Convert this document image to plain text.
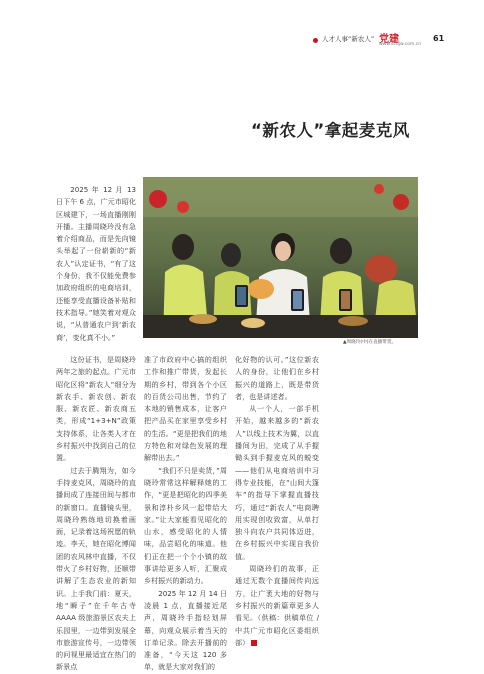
人才人事“新农人” 党建
www.scdjw.com.cn
61
“新农人”拿起麦克风
▲周晓玲(中)在直播带货。

2025 年 12 月 13 日下午 6 点，广元市昭化区城建下，一场直播刚刚开播。主播周晓玲没有急着介绍商品，而是先向镜头举起了一份崭新的“新农人”认定证书，“有了这个身份，我不仅能免费参加政府组织的电商培训，还能享受直播设备补贴和技术指导。”她笑着对观众说，“从普通农户到‘新农商’，变化真不小。”

这份证书，是周晓玲两年之旅的起点。广元市昭化区将“新农人”细分为新农手、新农创、新农服、新农匠、新农商五类，形成“1+3+N”政策支持体系，让各类人才在乡村振兴中找到自己的位置。

过去于腾翔为，如今手持麦克风，周晓玲的直播间成了连接田间与都市的新窗口。直播镜头里，周晓玲熟练地切换着画面，记录着这场祝愿的轨迹。李天，她在昭化博闻团的农风林中直播，不仅带火了乡村好物，还顺带讲解了生态农业的新知识。上手我门前：夏天，地“瞬子”在千年古寺 AAAA 级旅游景区农夫上乐园里，一边带到发展全市旅游宣传号，一边带领的问视里最适宜在热门的新景点

准了市政府中心搞的组织工作和推广带货，发起长期的乡村，带到各个小区的百货公司出售，节约了本地的销售成本，让客户把产品买在家里享受乡村的生活。“更是把我们的地方特色和对绿色发展的理解带出去。”

“我们不只是卖货，”周晓玲常常这样解释她的工作，“更是把昭化的四季美景和淳朴乡风一起带给大家。”让大家能看见昭化的山水，感受昭化的人情味，品尝昭化的味道。他们正在把一个个小镇的故事讲给更多人听，汇聚成乡村振兴的新动力。

2025 年 12 月 14 日凌晨 1 点，直播接近尾声，周晓玲手指轻划屏幕，向观众展示着当天的订单记录。除去开播前的准备，“今天这 120 多单，就是大家对我们的

化好物的认可。”这位新农人的身份，让他们在乡村振兴的道路上，既是带货者，也是讲述者。

从一个人，一部手机开始，越来越多的“新农人”以线上技术为翼，以直播间为田，完成了从手握锄头到手握麦克风的蜕变——他们从电商培训中习得专业技能，在“山间大篷车”的指导下掌握直播技巧，通过“新农人”电商聘用实现创收致富，从单打独斗向农户共同体迈进，在乡村振兴中实现自我价值。

周晓玲们的故事，正通过无数个直播间传向远方，让广袤大地的好物与乡村振兴的新篇章更多人看见。（供稿：供稿单位 / 中共广元市昭化区委组织部）
